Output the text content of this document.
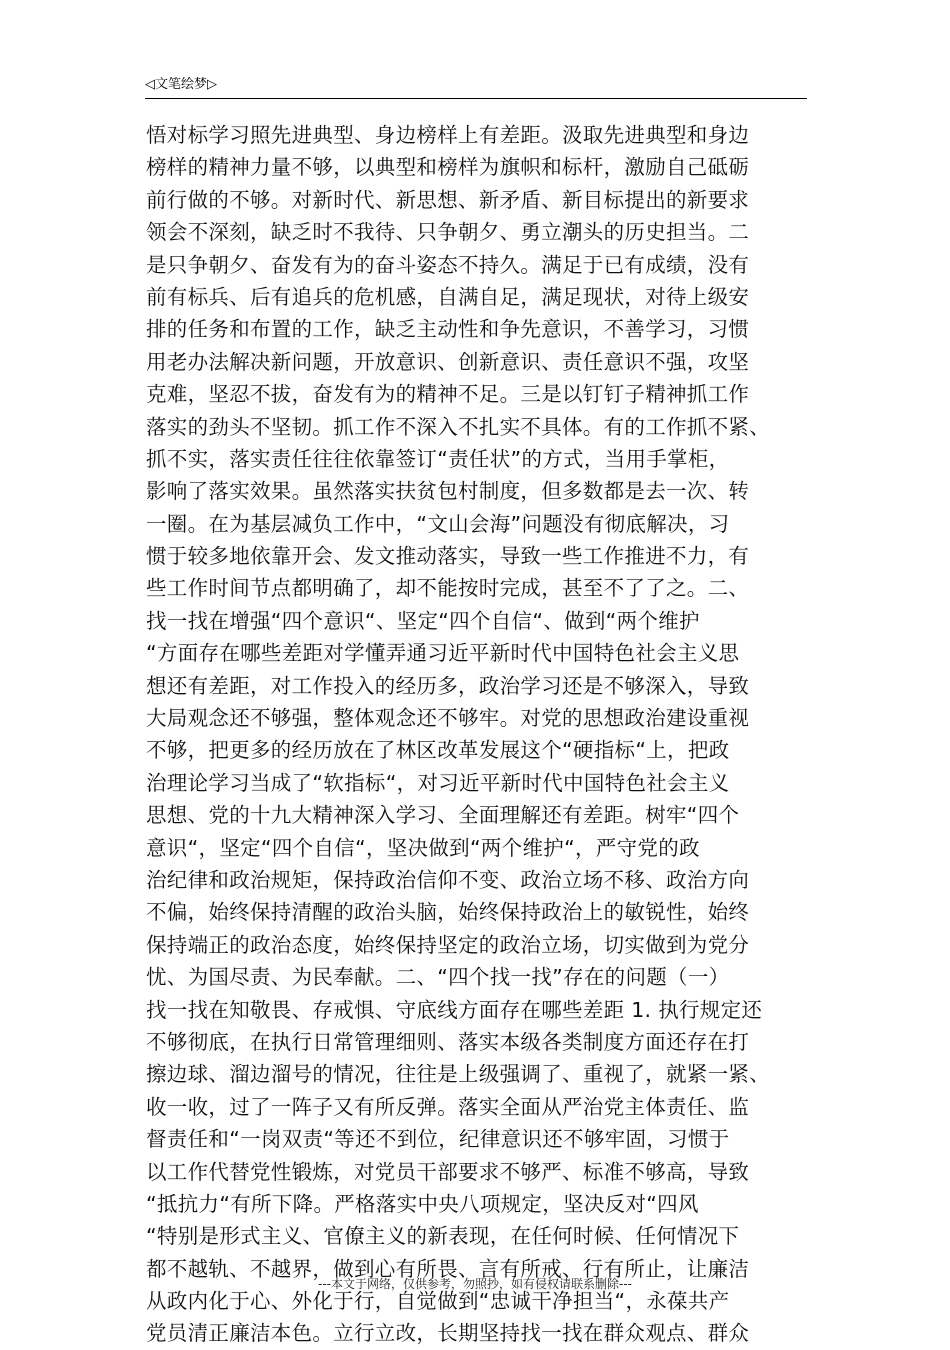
◁文笔绘梦▷
悟对标学习照先进典型、身边榜样上有差距。汲取先进典型和身边
榜样的精神力量不够，以典型和榜样为旗帜和标杆，激励自己砥砺
前行做的不够。对新时代、新思想、新矛盾、新目标提出的新要求
领会不深刻，缺乏时不我待、只争朝夕、勇立潮头的历史担当。二
是只争朝夕、奋发有为的奋斗姿态不持久。满足于已有成绩，没有
前有标兵、后有追兵的危机感，自满自足，满足现状，对待上级安
排的任务和布置的工作，缺乏主动性和争先意识，不善学习，习惯
用老办法解决新问题，开放意识、创新意识、责任意识不强，攻坚
克难，坚忍不拔，奋发有为的精神不足。三是以钉钉子精神抓工作
落实的劲头不坚韧。抓工作不深入不扎实不具体。有的工作抓不紧、
抓不实，落实责任往往依靠签订“责任状”的方式，当用手掌柜，
影响了落实效果。虽然落实扶贫包村制度，但多数都是去一次、转
一圈。在为基层减负工作中，“文山会海”问题没有彻底解决，习
惯于较多地依靠开会、发文推动落实，导致一些工作推进不力，有
些工作时间节点都明确了，却不能按时完成，甚至不了了之。二、
找一找在增强“四个意识“、坚定“四个自信“、做到“两个维护
“方面存在哪些差距对学懂弄通习近平新时代中国特色社会主义思
想还有差距，对工作投入的经历多，政治学习还是不够深入，导致
大局观念还不够强，整体观念还不够牢。对党的思想政治建设重视
不够，把更多的经历放在了林区改革发展这个“硬指标“上，把政
治理论学习当成了“软指标“，对习近平新时代中国特色社会主义
思想、党的十九大精神深入学习、全面理解还有差距。树牢“四个
意识“，坚定“四个自信“，坚决做到“两个维护“，严守党的政
治纪律和政治规矩，保持政治信仰不变、政治立场不移、政治方向
不偏，始终保持清醒的政治头脑，始终保持政治上的敏锐性，始终
保持端正的政治态度，始终保持坚定的政治立场，切实做到为党分
忧、为国尽责、为民奉献。二、“四个找一找”存在的问题（一）
找一找在知敬畏、存戒惧、守底线方面存在哪些差距 1. 执行规定还
不够彻底，在执行日常管理细则、落实本级各类制度方面还存在打
擦边球、溜边溜号的情况，往往是上级强调了、重视了，就紧一紧、
收一收，过了一阵子又有所反弹。落实全面从严治党主体责任、监
督责任和“一岗双责“等还不到位，纪律意识还不够牢固，习惯于
以工作代替党性锻炼，对党员干部要求不够严、标准不够高，导致
“抵抗力“有所下降。严格落实中央八项规定，坚决反对“四风
“特别是形式主义、官僚主义的新表现，在任何时候、任何情况下
都不越轨、不越界，做到心有所畏、言有所戒、行有所止，让廉洁
从政内化于心、外化于行，自觉做到“忠诚干净担当“，永葆共产
党员清正廉洁本色。立行立改，长期坚持找一找在群众观点、群众
---本文于网络，仅供参考，勿照抄，如有侵权请联系删除---
